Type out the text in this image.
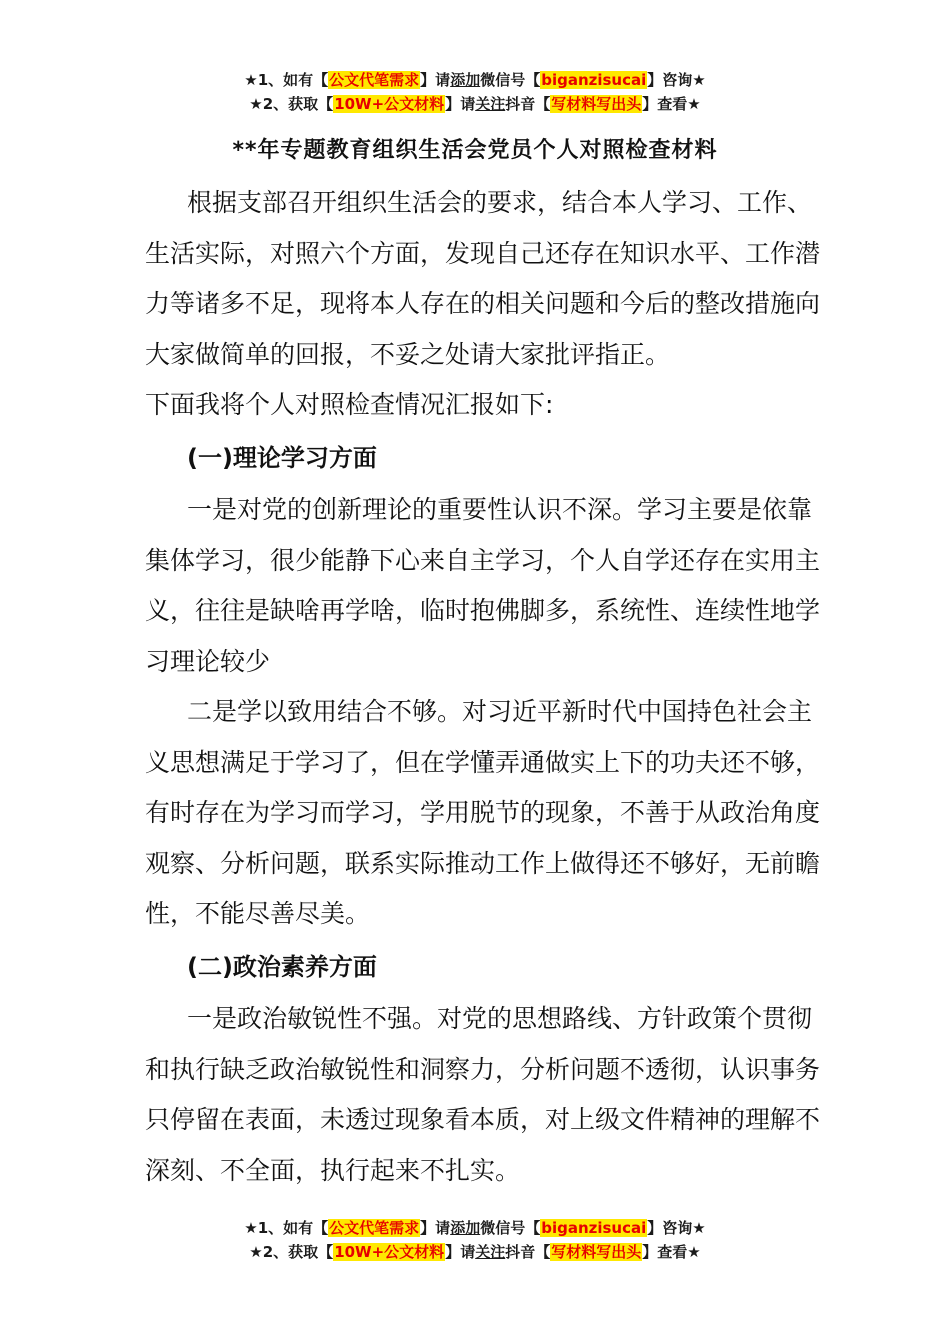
★1、如有【公文代笔需求】请添加微信号【biganzisucai】咨询★
★2、获取【10W+公文材料】请关注抖音【写材料写出头】查看★
**年专题教育组织生活会党员个人对照检查材料

根据支部召开组织生活会的要求，结合本人学习、工作、生活实际，对照六个方面，发现自己还存在知识水平、工作潜力等诸多不足，现将本人存在的相关问题和今后的整改措施向大家做简单的回报，不妥之处请大家批评指正。

下面我将个人对照检查情况汇报如下:

(一)理论学习方面

一是对党的创新理论的重要性认识不深。学习主要是依靠集体学习，很少能静下心来自主学习，个人自学还存在实用主义，往往是缺啥再学啥，临时抱佛脚多，系统性、连续性地学习理论较少

二是学以致用结合不够。对习近平新时代中国持色社会主义思想满足于学习了，但在学懂弄通做实上下的功夫还不够，有时存在为学习而学习，学用脱节的现象，不善于从政治角度观察、分析问题，联系实际推动工作上做得还不够好，无前瞻性，不能尽善尽美。

(二)政治素养方面

一是政治敏锐性不强。对党的思想路线、方针政策个贯彻和执行缺乏政治敏锐性和洞察力，分析问题不透彻，认识事务只停留在表面，未透过现象看本质，对上级文件精神的理解不深刻、不全面，执行起来不扎实。

★1、如有【公文代笔需求】请添加微信号【biganzisucai】咨询★
★2、获取【10W+公文材料】请关注抖音【写材料写出头】查看★
